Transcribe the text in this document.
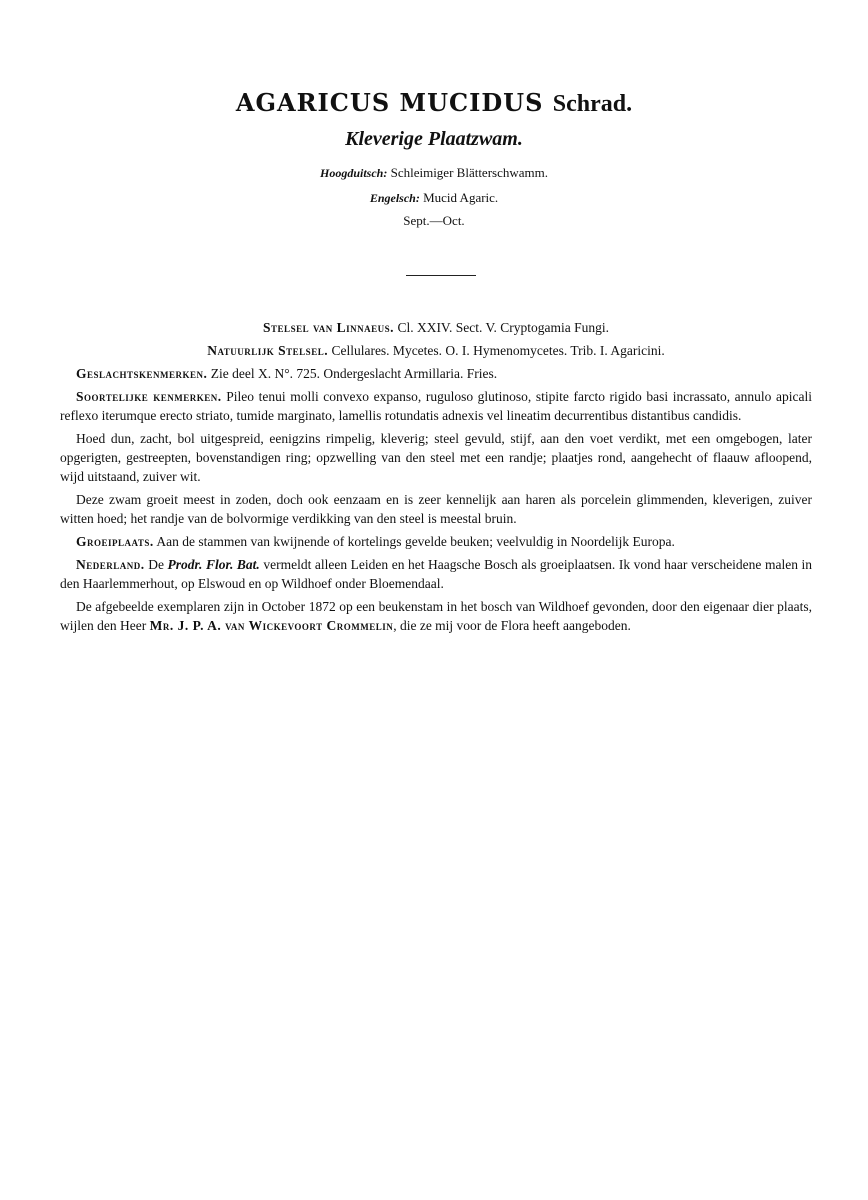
AGARICUS MUCIDUS Schrad.
Kleverige Plaatzwam.
Hoogduitsch: Schleimiger Blätterschwamm.
Engelsch: Mucid Agaric.
Sept.—Oct.

Stelsel van Linnaeus. Cl. XXIV. Sect. V. Cryptogamia Fungi.

Natuurlijk Stelsel. Cellulares. Mycetes. O. I. Hymenomycetes. Trib. I. Agaricini.

Geslachtskenmerken. Zie deel X. N°. 725. Ondergeslacht Armillaria. Fries.

Soortelijke kenmerken. Pileo tenui molli convexo expanso, ruguloso glutinoso, stipite farcto rigido basi incrassato, annulo apicali reflexo iterumque erecto striato, tumide marginato, lamellis rotundatis adnexis vel lineatim decurrentibus distantibus candidis.

Hoed dun, zacht, bol uitgespreid, eenigzins rimpelig, kleverig; steel gevuld, stijf, aan den voet verdikt, met een omgebogen, later opgerigten, gestreepten, bovenstandigen ring; opzwelling van den steel met een randje; plaatjes rond, aangehecht of flaauw afloopend, wijd uitstaand, zuiver wit.

Deze zwam groeit meest in zoden, doch ook eenzaam en is zeer kennelijk aan haren als porcelein glimmenden, kleverigen, zuiver witten hoed; het randje van de bolvormige verdikking van den steel is meestal bruin.

Groeiplaats. Aan de stammen van kwijnende of kortelings gevelde beuken; veelvuldig in Noordelijk Europa.

Nederland. De Prodr. Flor. Bat. vermeldt alleen Leiden en het Haagsche Bosch als groeiplaatsen. Ik vond haar verscheidene malen in den Haarlemmerhout, op Elswoud en op Wildhoef onder Bloemendaal.

De afgebeelde exemplaren zijn in October 1872 op een beukenstam in het bosch van Wildhoef gevonden, door den eigenaar dier plaats, wijlen den Heer Mr. J. P. A. van Wickevoort Crommelin, die ze mij voor de Flora heeft aangeboden.
